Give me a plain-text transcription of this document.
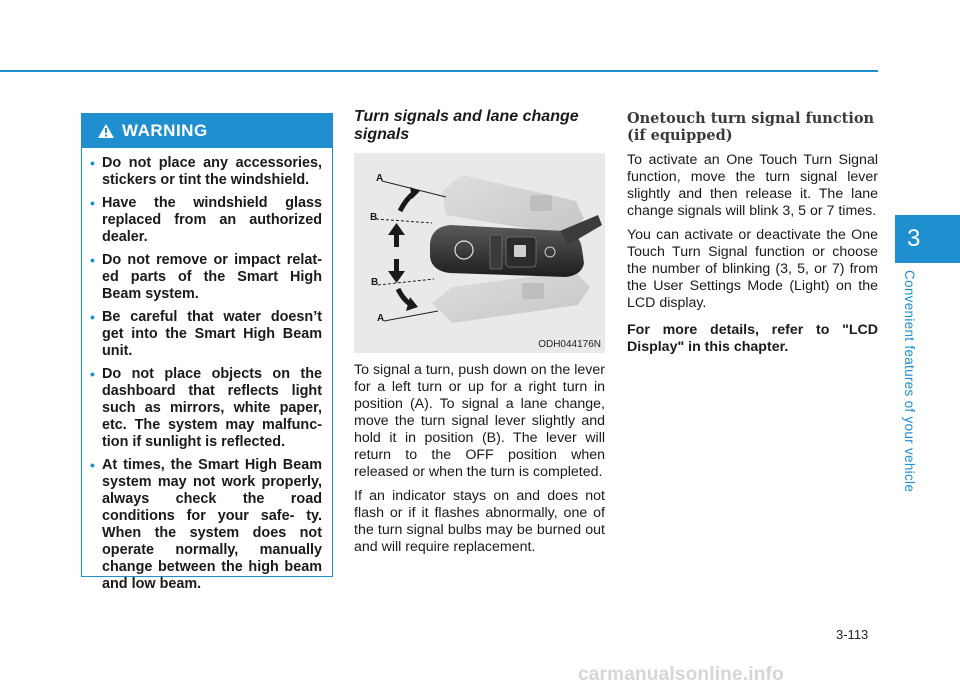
WARNING
• Do not place any accessories, stickers or tint the windshield.
• Have the windshield glass replaced from an authorized dealer.
• Do not remove or impact relat- ed parts of the Smart High Beam system.
• Be careful that water doesn’t get into the Smart High Beam unit.
• Do not place objects on the dashboard that reflects light such as mirrors, white paper, etc. The system may malfunc- tion if sunlight is reflected.
• At times, the Smart High Beam system may not work properly, always check the road conditions for your safe- ty. When the system does not operate normally, manually change between the high beam and low beam.
Turn signals and lane change signals
A
B
B
A
ODH044176N

To signal a turn, push down on the lever for a left turn or up for a right turn in position (A). To signal a lane change, move the turn signal lever slightly and hold it in position (B). The lever will return to the OFF position when released or when the turn is completed.

If an indicator stays on and does not flash or if it flashes abnormally, one of the turn signal bulbs may be burned out and will require replacement.

Onetouch turn signal function
(if equipped)

To activate an One Touch Turn Signal function, move the turn signal lever slightly and then release it. The lane change signals will blink 3, 5 or 7 times.

You can activate or deactivate the One Touch Turn Signal function or choose the number of blinking (3, 5, or 7) from the User Settings Mode (Light) on the LCD display.

For more details, refer to "LCD Display" in this chapter.

3
Convenient features of your vehicle
3-113
carmanualsonline.info
